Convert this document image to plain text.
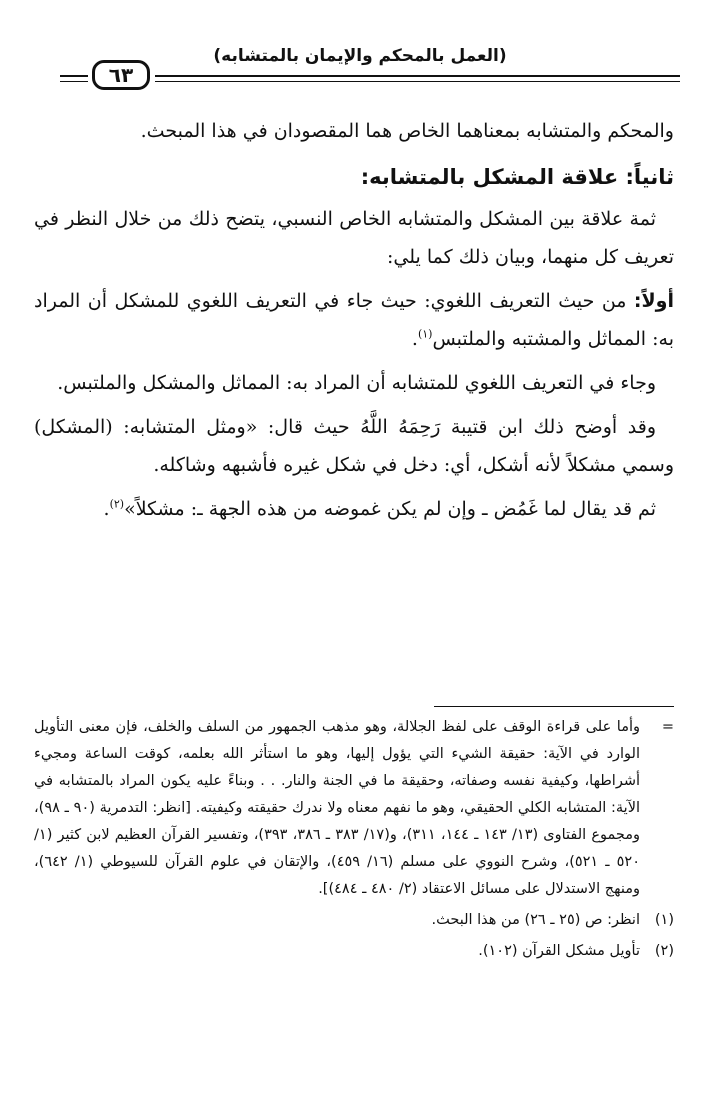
(العمل بالمحكم والإيمان بالمتشابه)
٦٣

والمحكم والمتشابه بمعناهما الخاص هما المقصودان في هذا المبحث.

ثانياً: علاقة المشكل بالمتشابه:

ثمة علاقة بين المشكل والمتشابه الخاص النسبي، يتضح ذلك من خلال النظر في تعريف كل منهما، وبيان ذلك كما يلي:

أولاً: من حيث التعريف اللغوي: حيث جاء في التعريف اللغوي للمشكل أن المراد به: المماثل والمشتبه والملتبس$^{(١)}$.

وجاء في التعريف اللغوي للمتشابه أن المراد به: المماثل والمشكل والملتبس.

وقد أوضح ذلك ابن قتيبة رَحِمَهُ اللَّهُ حيث قال: «ومثل المتشابه: (المشكل) وسمي مشكلاً لأنه أشكل، أي: دخل في شكل غيره فأشبهه وشاكله.

ثم قد يقال لما غَمُض ـ وإن لم يكن غموضه من هذه الجهة ـ: مشكلاً»$^{(٢)}$.

=
وأما على قراءة الوقف على لفظ الجلالة، وهو مذهب الجمهور من السلف والخلف، فإن معنى التأويل الوارد في الآية: حقيقة الشيء التي يؤول إليها، وهو ما استأثر الله بعلمه، كوقت الساعة ومجيء أشراطها، وكيفية نفسه وصفاته، وحقيقة ما في الجنة والنار. . . وبناءً عليه يكون المراد بالمتشابه في الآية: المتشابه الكلي الحقيقي، وهو ما نفهم معناه ولا ندرك حقيقته وكيفيته. [انظر: التدمرية (٩٠ ـ ٩٨)، ومجموع الفتاوى (١٣/ ١٤٣ ـ ١٤٤، ٣١١)، و(١٧/ ٣٨٣ ـ ٣٨٦، ٣٩٣)، وتفسير القرآن العظيم لابن كثير (١/ ٥٢٠ ـ ٥٢١)، وشرح النووي على مسلم (١٦/ ٤٥٩)، والإتقان في علوم القرآن للسيوطي (١/ ٦٤٢)، ومنهج الاستدلال على مسائل الاعتقاد (٢/ ٤٨٠ ـ ٤٨٤)].
(١)
انظر: ص (٢٥ ـ ٢٦) من هذا البحث.
(٢)
تأويل مشكل القرآن (١٠٢).
